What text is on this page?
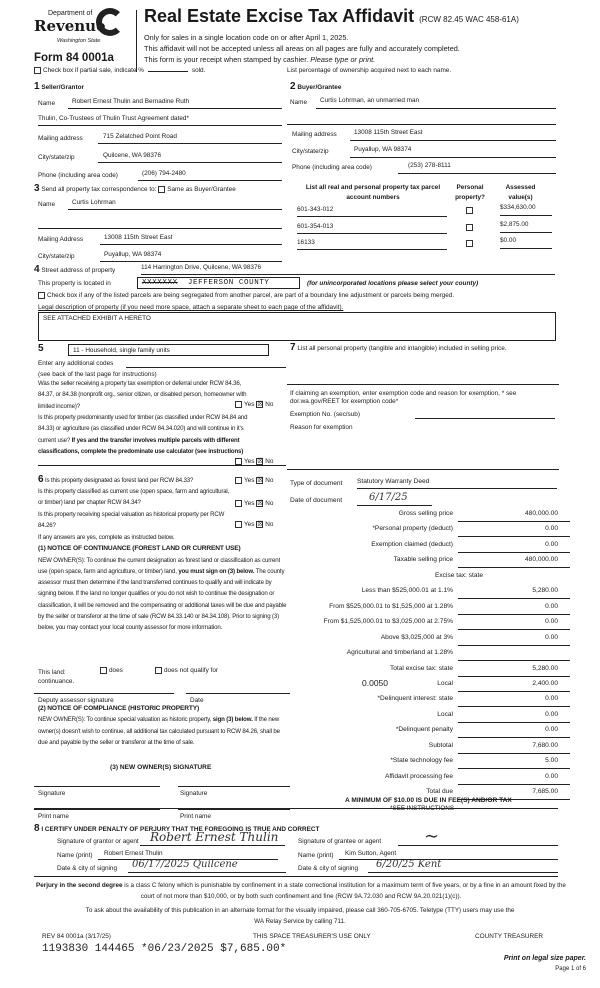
Department of
Revenue
Washington State
Form 84 0001a
Real Estate Excise Tax Affidavit (RCW 82.45 WAC 458-61A)
Only for sales in a single location code on or after April 1, 2025.
This affidavit will not be accepted unless all areas on all pages are fully and accurately completed.
This form is your receipt when stamped by cashier. Please type or print.
Check box if partial sale, indicate %	sold.	List percentage of ownership acquired next to each name.
1 Seller/Grantor
Name	Robert Ernest Thulin and Bernadine Ruth
Thulin, Co-Trustees of Thulin Trust Agreement dated*
Mailing address	715 Zelatched Point Road
City/state/zip	Quilcene, WA 98376
Phone (including area code)	(206) 794-2480
2 Buyer/Grantee
Name	Curtis Lohrman, an unmarried man
Mailing address	13008 115th Street East
City/state/zip	Puyallup, WA 98374
Phone (including area code)	(253) 278-8111
3 Send all property tax correspondence to: Same as Buyer/Grantee
Name	Curtis Lohrman
Mailing Address	13008 115th Street East
City/state/zip	Puyallup, WA 98374
List all real and personal property tax parcel account numbers
Personal property?
Assessed value(s)
601-343-012	$334,630.00
601-354-013	$2,875.00
16133	$0.00
4 Street address of property	114 Harrington Drive, Quilcene, WA 98376
This property is located in	XXXXXXX JEFFERSON COUNTY	(for unincorporated locations please select your county)
Check box if any of the listed parcels are being segregated from another parcel, are part of a boundary line adjustment or parcels being merged.
Legal description of property (if you need more space, attach a separate sheet to each page of the affidavit).
SEE ATTACHED EXHIBIT A HERETO
5	11 - Household, single family units
Enter any additional codes
(see back of the last page for instructions)
Was the seller receiving a property tax exemption or deferral under RCW 84.36, 84.37, or 84.38 (nonprofit org., senior citizen, or disabled person, homeowner with limited income)?	Yes ☒ No
Is this property predominantly used for timber (as classified under RCW 84.84 and 84.33) or agriculture (as classified under RCW 84.34.020) and will continue in it's current use? If yes and the transfer involves multiple parcels with different classifications, complete the predominate use calculator (see instructions)
Yes ☒ No
7 List all personal property (tangible and intangible) included in selling price.
If claiming an exemption, enter exemption code and reason for exemption, * see dor.wa.gov/REET for exemption code*
Exemption No. (sec/sub)
Reason for exemption
6 Is this property designated as forest land per RCW 84.33?	Yes ☒ No
Is this property classified as current use (open space, farm and agricultural, or timber) land per chapter RCW 84.34?	Yes ☒ No
Is this property receiving special valuation as historical property per RCW 84.26?	Yes ☒ No
If any answers are yes, complete as instructed below.
(1) NOTICE OF CONTINUANCE (FOREST LAND OR CURRENT USE)
NEW OWNER(S): To continue the current designation as forest land or classification as current use (open space, farm and agriculture, or timber) land, you must sign on (3) below. The county assessor must then determine if the land transferred continues to qualify and will indicate by signing below. If the land no longer qualifies or you do not wish to continue the designation or classification, it will be removed and the compensating or additional taxes will be due and payable by the seller or transferor at the time of sale (RCW 84.33.140 or 84.34.108). Prior to signing (3) below, you may contact your local county assessor for more information.
This land:
continuance.
does	does not qualify for
Deputy assessor signature	Date
(2) NOTICE OF COMPLIANCE (HISTORIC PROPERTY)
NEW OWNER(S): To continue special valuation as historic property, sign (3) below. If the new owner(s) doesn't wish to continue, all additional tax calculated pursuant to RCW 84.26, shall be due and payable by the seller or transferor at the time of sale.
(3) NEW OWNER(S) SIGNATURE
Signature	Signature
Print name	Print name
Type of document Statutory Warranty Deed
Date of document	6/17/25
Gross selling price	480,000.00
*Personal property (deduct)	0.00
Exemption claimed (deduct)	0.00
Taxable selling price	480,000.00
Excise tax: state
Less than $525,000.01 at 1.1%	5,280.00
From $525,000.01 to $1,525,000 at 1.28%	0.00
From $1,525,000.01 to $3,025,000 at 2.75%	0.00
Above $3,025,000 at 3%	0.00
Agricultural and timberland at 1.28%
Total excise tax: state	5,280.00
Local	2,400.00
*Delinquent interest: state	0.00
Local	0.00
*Delinquent penalty	0.00
Subtotal	7,680.00
*State technology fee	5.00
Affidavit processing fee	0.00
Total due	7,685.00
0.0050
A MINIMUM OF $10.00 IS DUE IN FEE(S) AND/OR TAX
*SEE INSTRUCTIONS
8 I CERTIFY UNDER PENALTY OF PERJURY THAT THE FOREGOING IS TRUE AND CORRECT
Signature of grantor or agent Robert Ernest Thulin
Name (print)	Robert Ernest Thulin
Date & city of signing	06/17/2025 Quilcene
Signature of grantee or agent	∼
Name (print)	Kim Sutton, Agent
Date & city of signing	6/20/25 Kent
Perjury in the second degree is a class C felony which is punishable by confinement in a state correctional institution for a maximum term of five years, or by a fine in an amount fixed by the court of not more than $10,000, or by both such confinement and fine (RCW 9A.72.030 and RCW 9A.20.021(1)(c)).
To ask about the availability of this publication in an alternate format for the visually impaired, please call 360-705-6705. Teletype (TTY) users may use the WA Relay Service by calling 711.
REV 84 0001a (3/17/25)	THIS SPACE TREASURER'S USE ONLY	COUNTY TREASURER
1193830 144465 *06/23/2025 $7,685.00*
Print on legal size paper.
Page 1 of 6
